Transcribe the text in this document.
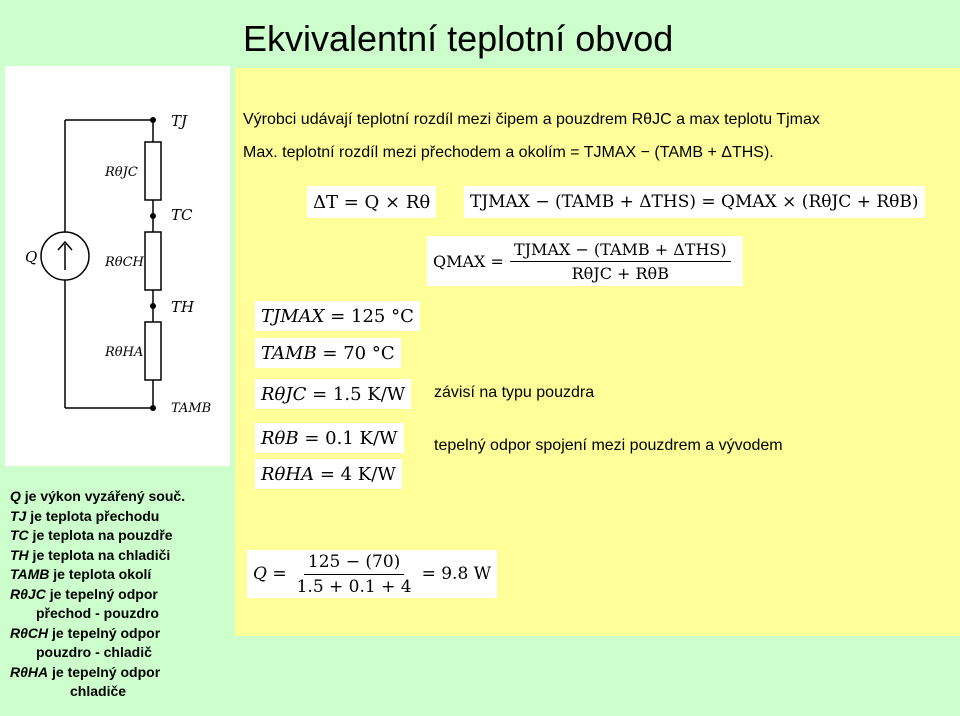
Ekvivalentní teplotní obvod
Q
TJ
TC
TH
TAMB
RθJC
RθCH
RθHA
Výrobci udávají teplotní rozdíl mezi čipem a pouzdrem RθJC a max teplotu Tjmax
Max. teplotní rozdíl mezi přechodem a okolím = TJMAX − (TAMB + ΔTHS).
ΔT = Q × Rθ	TJMAX − (TAMB + ΔTHS) = QMAX × (RθJC + RθB)
QMAX = $\frac{\text{TJMAX − (TAMB + ΔTHS)}}{\text{RθJC + RθB}}$
TJMAX
= 125 °C
TAMB
= 70 °C
RθJC
= 1.5 K/W
RθB
= 0.1 K/W
RθHA
= 4 K/W
závisí na typu pouzdra
tepelný odpor spojení mezi pouzdrem a vývodem
$Q = \frac{125 - (70)}{1.5 + 0.1 + 4} = 9.8$ W
Q je výkon vyzářený souč.
TJ je teplota přechodu
TC je teplota na pouzdře
TH je teplota na chladiči
TAMB je teplota okolí
RθJC je tepelný odpor
přechod - pouzdro
RθCH je tepelný odpor
pouzdro - chladič
RθHA je tepelný odpor
chladiče
